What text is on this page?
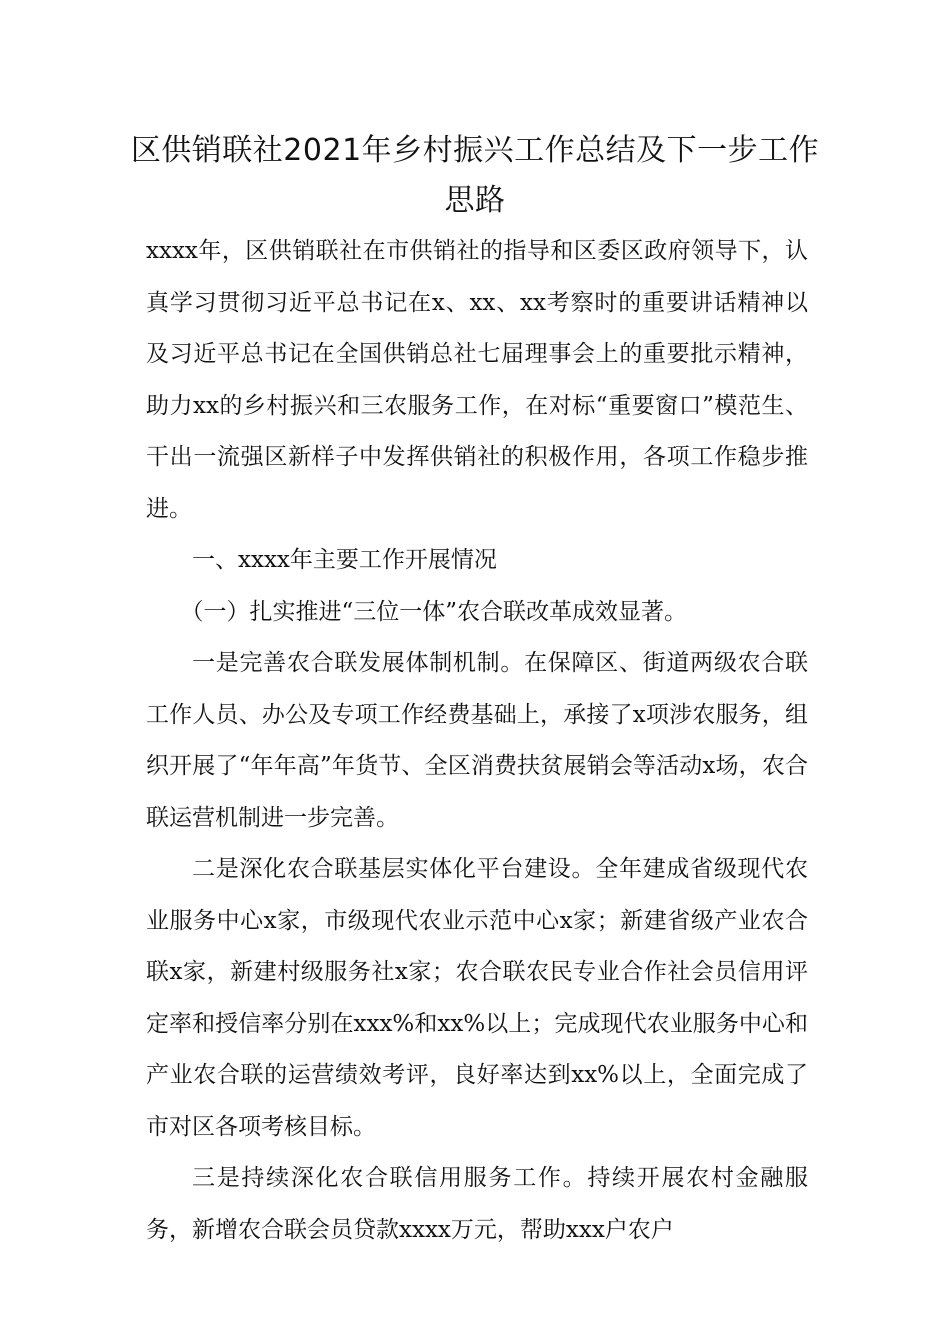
区供销联社2021年乡村振兴工作总结及下一步工作
思路

xxxx年，区供销联社在市供销社的指导和区委区政府领导下，认真学习贯彻习近平总书记在x、xx、xx考察时的重要讲话精神以及习近平总书记在全国供销总社七届理事会上的重要批示精神，助力xx的乡村振兴和三农服务工作，在对标“重要窗口”模范生、干出一流强区新样子中发挥供销社的积极作用，各项工作稳步推进。

一、xxxx年主要工作开展情况

（一）扎实推进“三位一体”农合联改革成效显著。

一是完善农合联发展体制机制。在保障区、街道两级农合联工作人员、办公及专项工作经费基础上，承接了x项涉农服务，组织开展了“年年高”年货节、全区消费扶贫展销会等活动x场，农合联运营机制进一步完善。

二是深化农合联基层实体化平台建设。全年建成省级现代农业服务中心x家，市级现代农业示范中心x家；新建省级产业农合联x家，新建村级服务社x家；农合联农民专业合作社会员信用评定率和授信率分别在xxx%和xx%以上；完成现代农业服务中心和产业农合联的运营绩效考评，良好率达到xx%以上，全面完成了市对区各项考核目标。

三是持续深化农合联信用服务工作。持续开展农村金融服务，新增农合联会员贷款xxxx万元，帮助xxx户农户
